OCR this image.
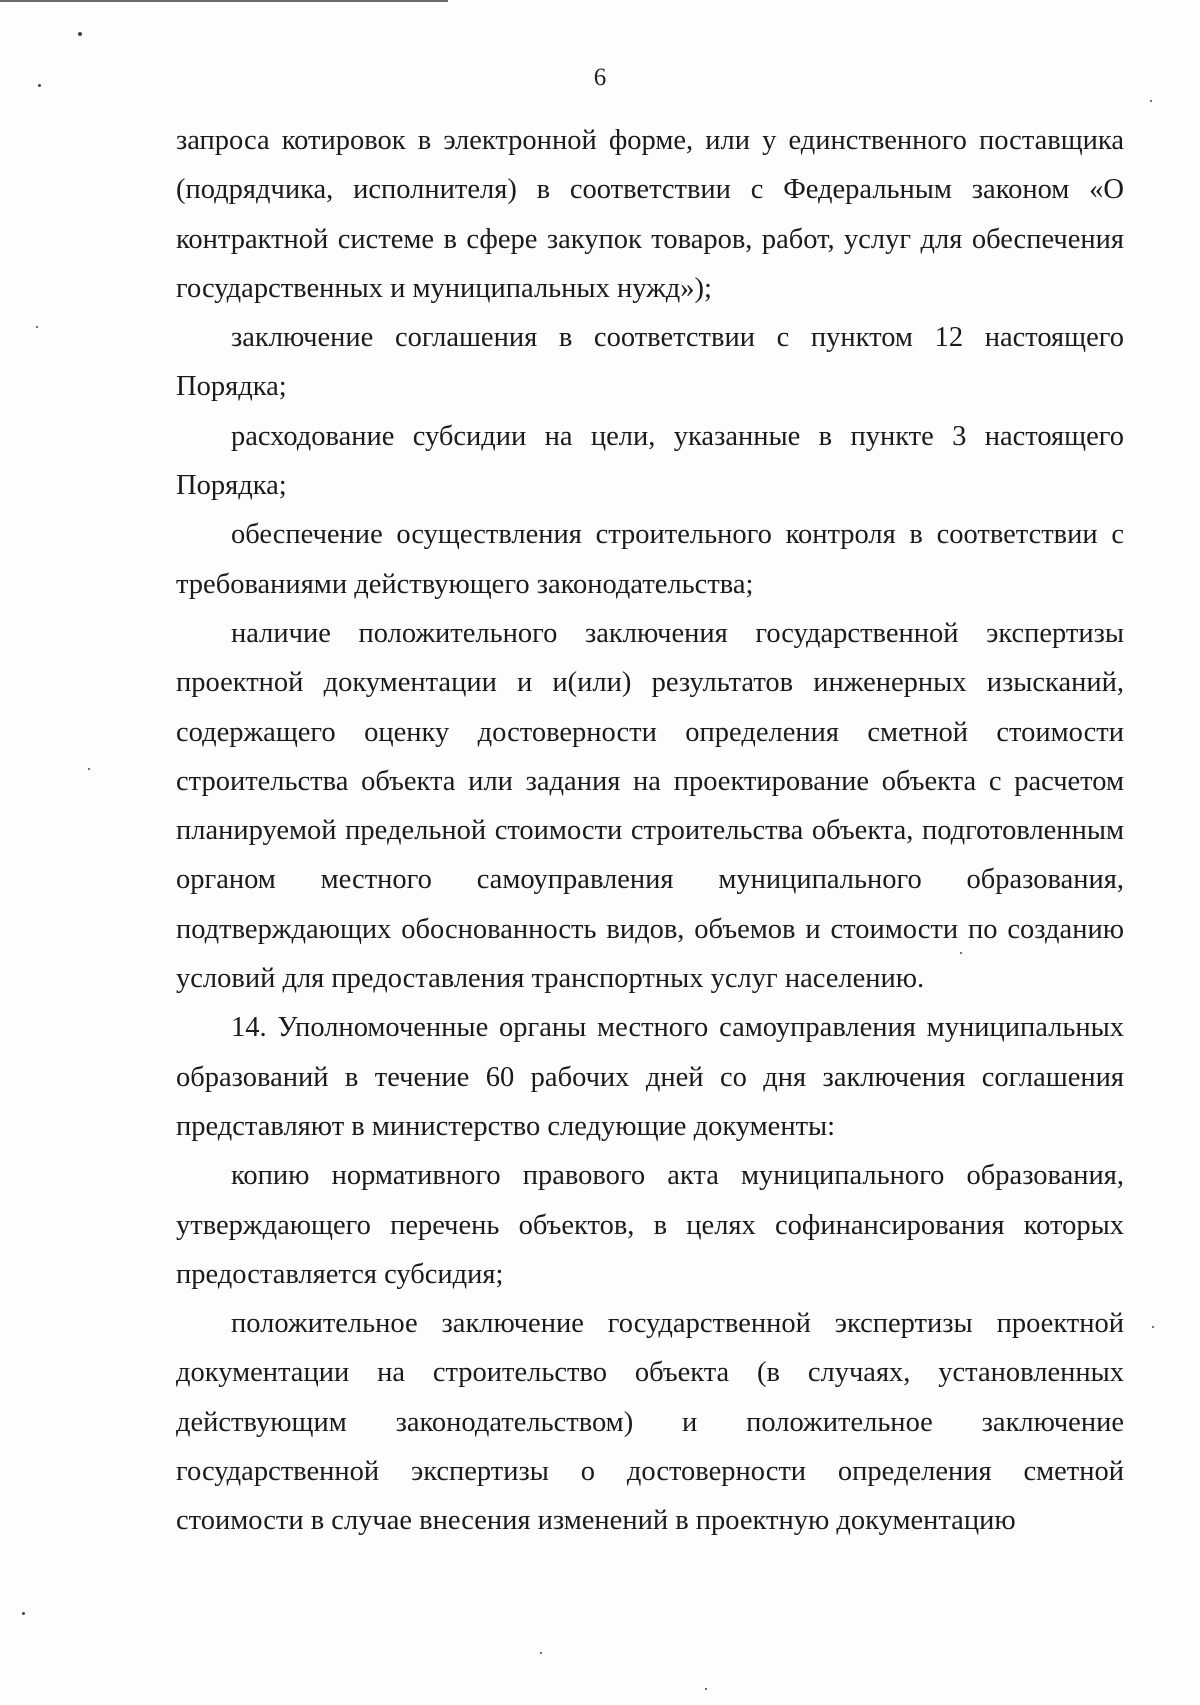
6

запроса котировок в электронной форме, или у единственного поставщика (подрядчика, исполнителя) в соответствии с Федеральным законом «О контрактной системе в сфере закупок товаров, работ, услуг для обеспечения государственных и муниципальных нужд»);

заключение соглашения в соответствии с пунктом 12 настоящего Порядка;

расходование субсидии на цели, указанные в пункте 3 настоящего Порядка;

обеспечение осуществления строительного контроля в соответствии с требованиями действующего законодательства;

наличие положительного заключения государственной экспертизы проектной документации и и(или) результатов инженерных изысканий, содержащего оценку достоверности определения сметной стоимости строительства объекта или задания на проектирование объекта с расчетом планируемой предельной стоимости строительства объекта, подготовленным органом местного самоуправления муниципального образования, подтверждающих обоснованность видов, объемов и стоимости по созданию условий для предоставления транспортных услуг населению.

14. Уполномоченные органы местного самоуправления муниципальных образований в течение 60 рабочих дней со дня заключения соглашения представляют в министерство следующие документы:

копию нормативного правового акта муниципального образования, утверждающего перечень объектов, в целях софинансирования которых предоставляется субсидия;

положительное заключение государственной экспертизы проектной документации на строительство объекта (в случаях, установленных действующим законодательством) и положительное заключение государственной экспертизы о достоверности определения сметной стоимости в случае внесения изменений в проектную документацию
